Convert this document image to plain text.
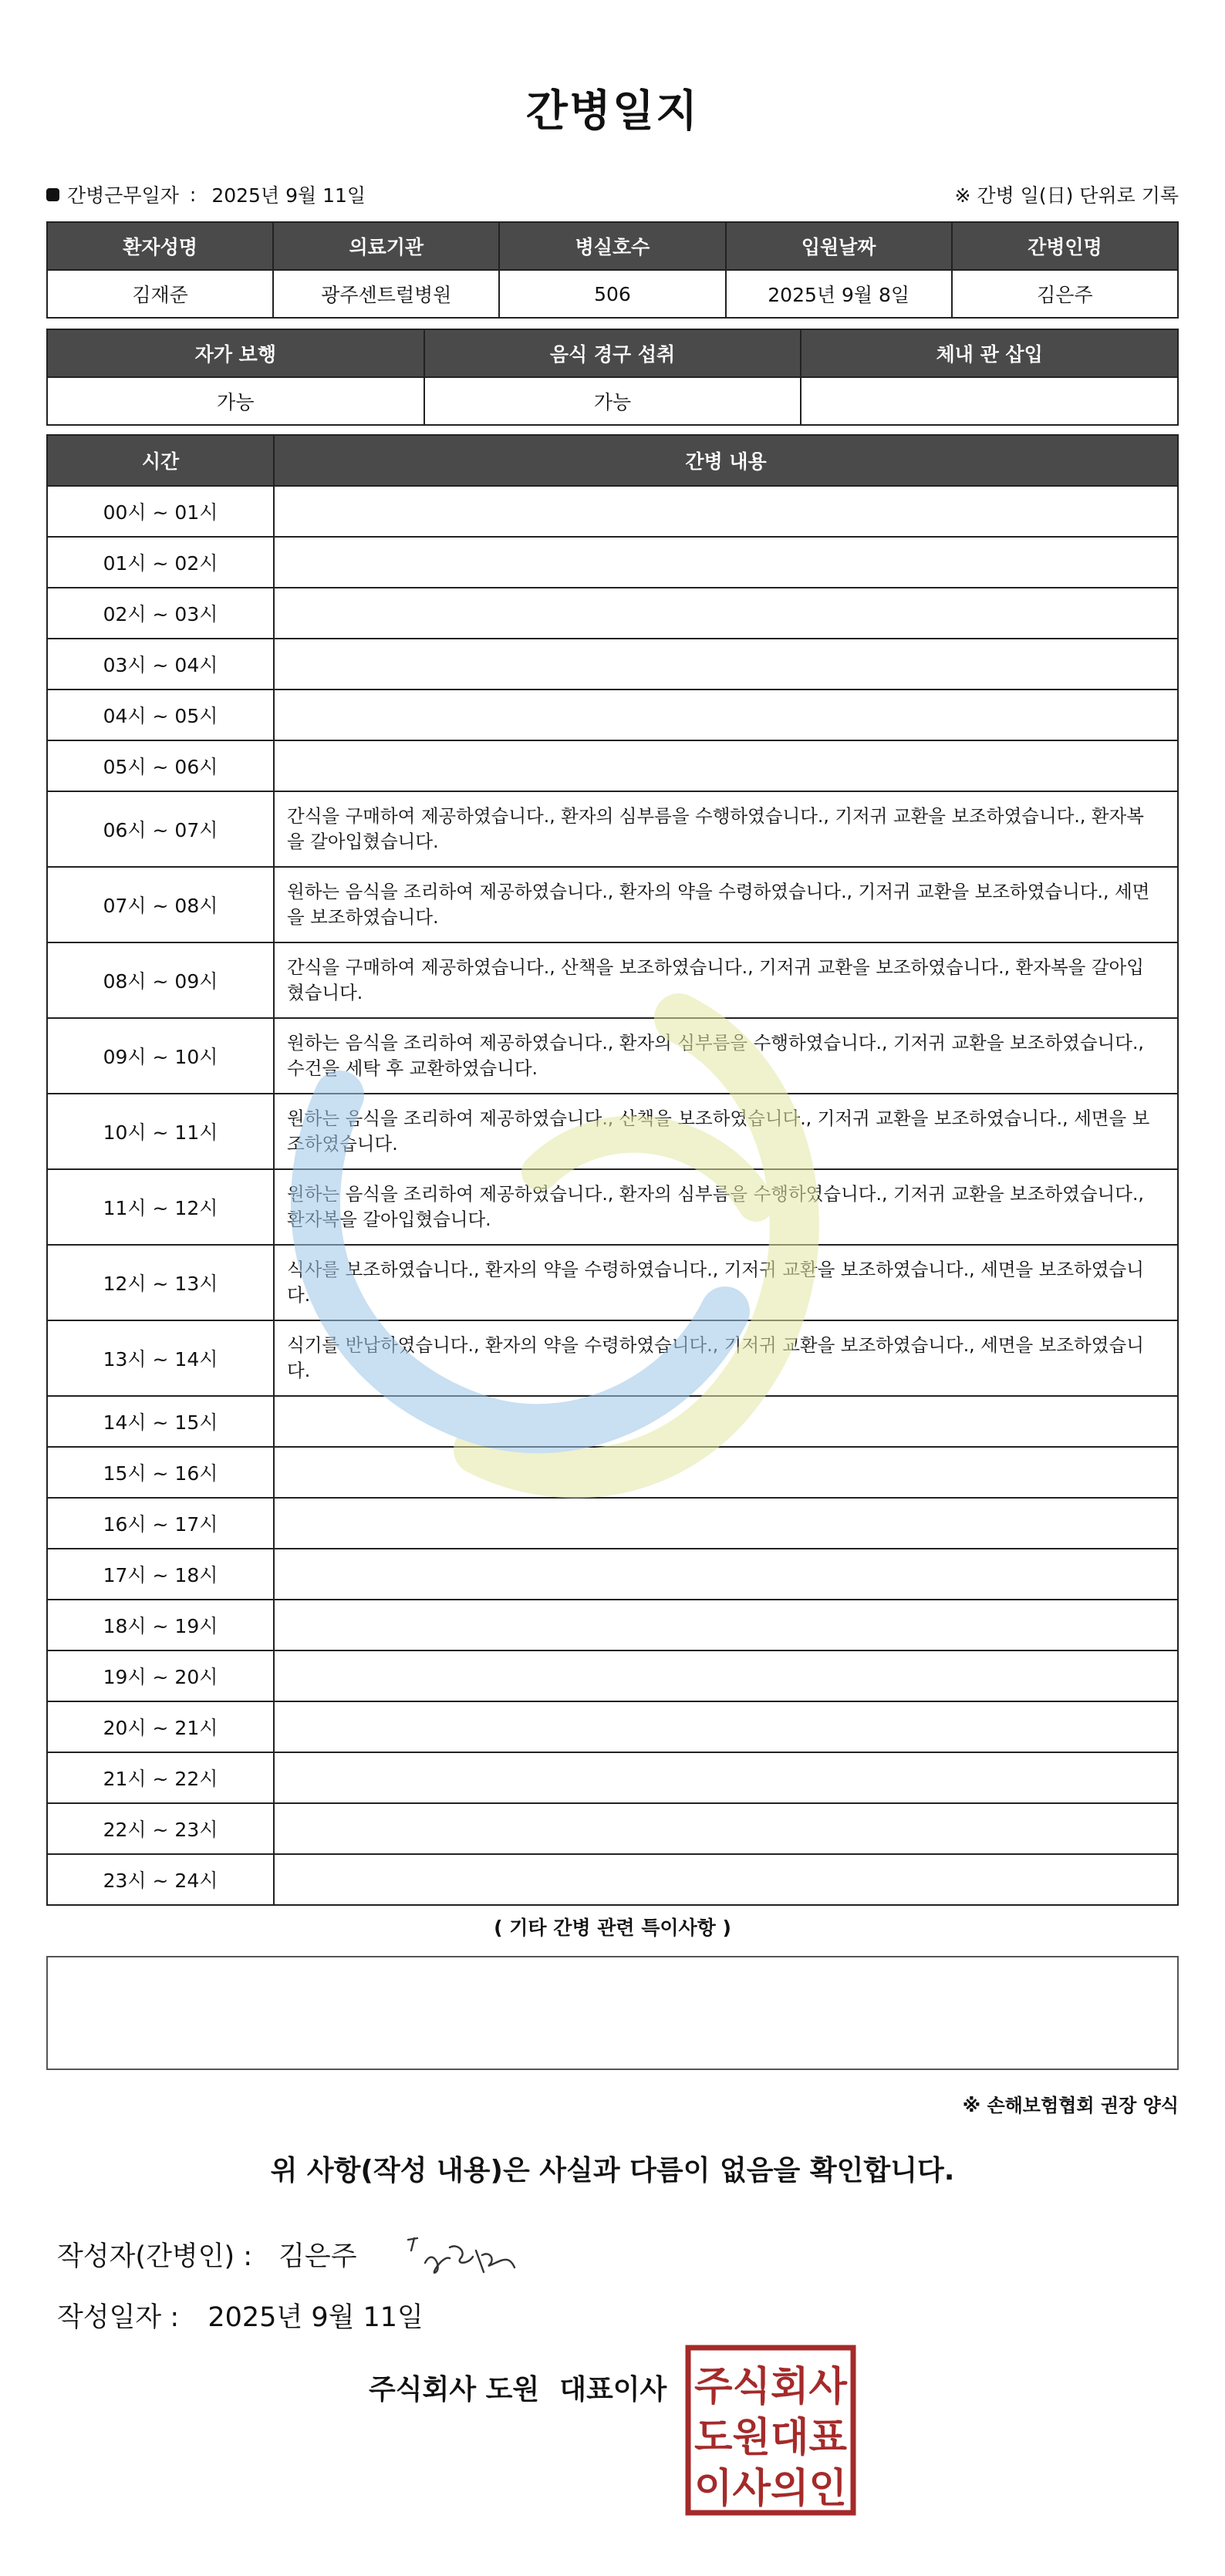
간병일지
간병근무일자 : 2025년 9월 11일	※ 간병 일(日) 단위로 기록
환자성명	의료기관	병실호수	입원날짜	간병인명
김재준	광주센트럴병원	506	2025년 9월 8일	김은주
자가 보행	음식 경구 섭취	체내 관 삽입
가능	가능	
시간	간병 내용
00시 ~ 01시	
01시 ~ 02시	
02시 ~ 03시	
03시 ~ 04시	
04시 ~ 05시	
05시 ~ 06시	
06시 ~ 07시	간식을 구매하여 제공하였습니다., 환자의 심부름을 수행하였습니다., 기저귀 교환을 보조하였습니다., 환자복을 갈아입혔습니다.
07시 ~ 08시	원하는 음식을 조리하여 제공하였습니다., 환자의 약을 수령하였습니다., 기저귀 교환을 보조하였습니다., 세면을 보조하였습니다.
08시 ~ 09시	간식을 구매하여 제공하였습니다., 산책을 보조하였습니다., 기저귀 교환을 보조하였습니다., 환자복을 갈아입혔습니다.
09시 ~ 10시	원하는 음식을 조리하여 제공하였습니다., 환자의 심부름을 수행하였습니다., 기저귀 교환을 보조하였습니다., 수건을 세탁 후 교환하였습니다.
10시 ~ 11시	원하는 음식을 조리하여 제공하였습니다., 산책을 보조하였습니다., 기저귀 교환을 보조하였습니다., 세면을 보조하였습니다.
11시 ~ 12시	원하는 음식을 조리하여 제공하였습니다., 환자의 심부름을 수행하였습니다., 기저귀 교환을 보조하였습니다., 환자복을 갈아입혔습니다.
12시 ~ 13시	식사를 보조하였습니다., 환자의 약을 수령하였습니다., 기저귀 교환을 보조하였습니다., 세면을 보조하였습니다.
13시 ~ 14시	식기를 반납하였습니다., 환자의 약을 수령하였습니다., 기저귀 교환을 보조하였습니다., 세면을 보조하였습니다.
14시 ~ 15시	
15시 ~ 16시	
16시 ~ 17시	
17시 ~ 18시	
18시 ~ 19시	
19시 ~ 20시	
20시 ~ 21시	
21시 ~ 22시	
22시 ~ 23시	
23시 ~ 24시	
( 기타 간병 관련 특이사항 )
※ 손해보험협회 권장 양식
위 사항(작성 내용)은 사실과 다름이 없음을 확인합니다.
작성자(간병인) : 김은주
작성일자 : 2025년 9월 11일
주식회사 도원 대표이사 주식회사
도원대표
이사의인
